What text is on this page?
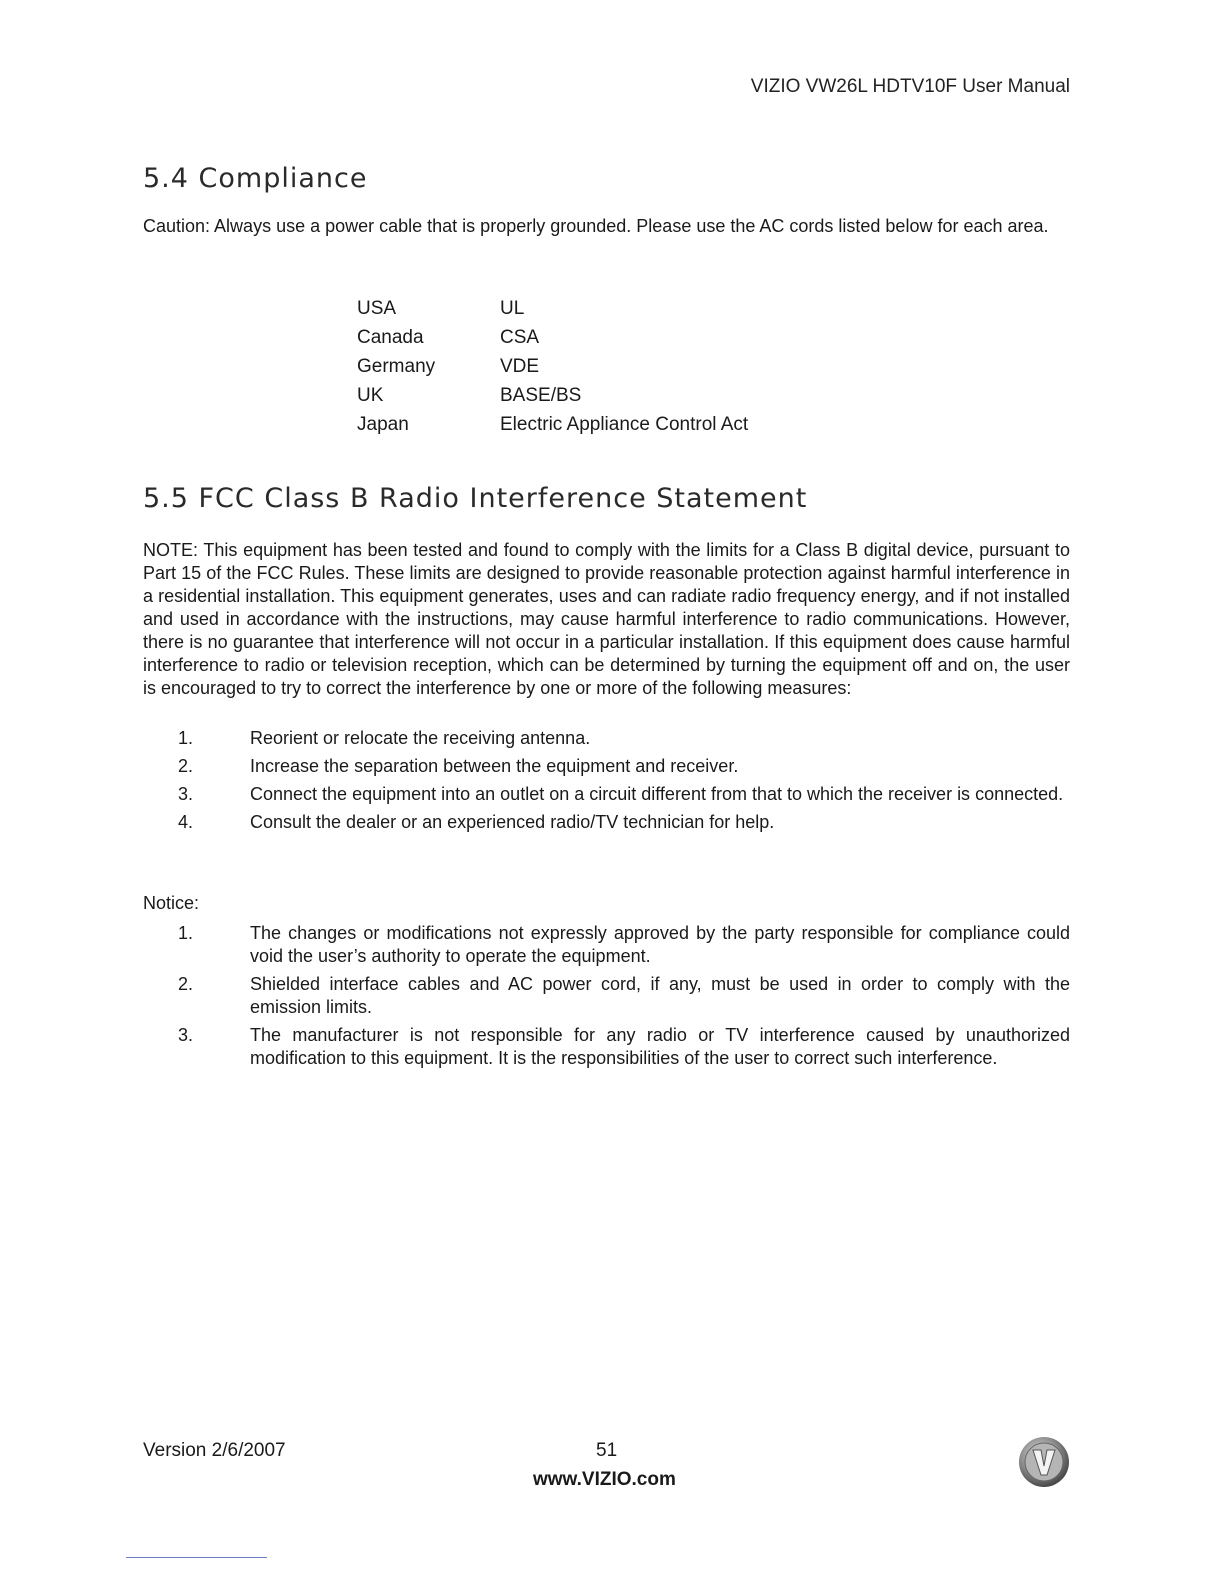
VIZIO VW26L HDTV10F User Manual
5.4 Compliance

Caution: Always use a power cable that is properly grounded. Please use the AC cords listed below for each area.

USA	UL
Canada	CSA
Germany	VDE
UK	BASE/BS
Japan	Electric Appliance Control Act
5.5 FCC Class B Radio Interference Statement

NOTE: This equipment has been tested and found to comply with the limits for a Class B digital device, pursuant to Part 15 of the FCC Rules. These limits are designed to provide reasonable protection against harmful interference in a residential installation. This equipment generates, uses and can radiate radio frequency energy, and if not installed and used in accordance with the instructions, may cause harmful interference to radio communications. However, there is no guarantee that interference will not occur in a particular installation. If this equipment does cause harmful interference to radio or television reception, which can be determined by turning the equipment off and on, the user is encouraged to try to correct the interference by one or more of the following measures:

1.	Reorient or relocate the receiving antenna.
2.	Increase the separation between the equipment and receiver.
3.	Connect the equipment into an outlet on a circuit different from that to which the receiver is connected.
4.	Consult the dealer or an experienced radio/TV technician for help.
Notice:
1.	The changes or modifications not expressly approved by the party responsible for compliance could void the user’s authority to operate the equipment.
2.	Shielded interface cables and AC power cord, if any, must be used in order to comply with the emission limits.
3.	The manufacturer is not responsible for any radio or TV interference caused by unauthorized modification to this equipment. It is the responsibilities of the user to correct such interference.
Version 2/6/2007	51
www.VIZIO.com
